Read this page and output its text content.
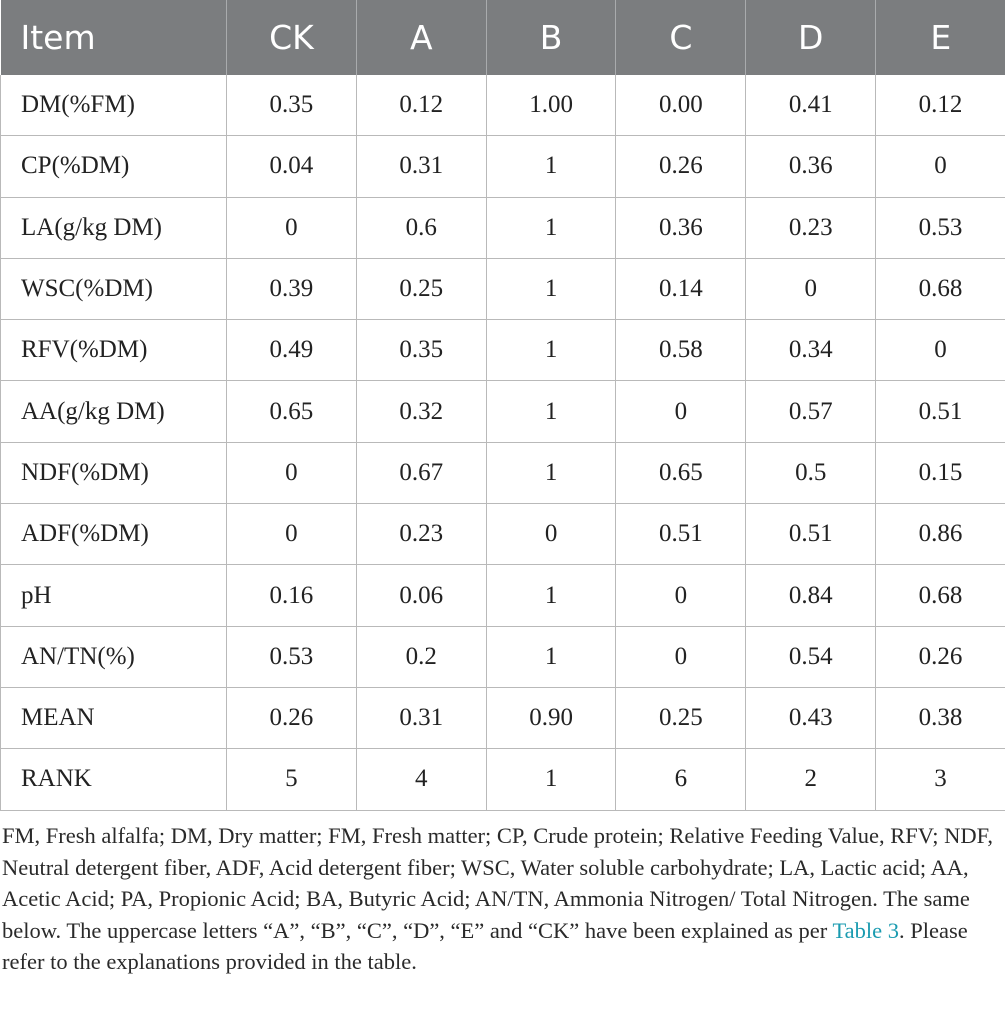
Item	CK	A	B	C	D	E
DM(%FM)	0.35	0.12	1.00	0.00	0.41	0.12
CP(%DM)	0.04	0.31	1	0.26	0.36	0
LA(g/kg DM)	0	0.6	1	0.36	0.23	0.53
WSC(%DM)	0.39	0.25	1	0.14	0	0.68
RFV(%DM)	0.49	0.35	1	0.58	0.34	0
AA(g/kg DM)	0.65	0.32	1	0	0.57	0.51
NDF(%DM)	0	0.67	1	0.65	0.5	0.15
ADF(%DM)	0	0.23	0	0.51	0.51	0.86
pH	0.16	0.06	1	0	0.84	0.68
AN/TN(%)	0.53	0.2	1	0	0.54	0.26
MEAN	0.26	0.31	0.90	0.25	0.43	0.38
RANK	5	4	1	6	2	3

FM, Fresh alfalfa; DM, Dry matter; FM, Fresh matter; CP, Crude protein; Relative Feeding Value, RFV; NDF, Neutral detergent fiber, ADF, Acid detergent fiber; WSC, Water soluble carbohydrate; LA, Lactic acid; AA, Acetic Acid; PA, Propionic Acid; BA, Butyric Acid; AN/TN, Ammonia Nitrogen/ Total Nitrogen. The same below. The uppercase letters “A”, “B”, “C”, “D”, “E” and “CK” have been explained as per Table 3. Please refer to the explanations provided in the table.
